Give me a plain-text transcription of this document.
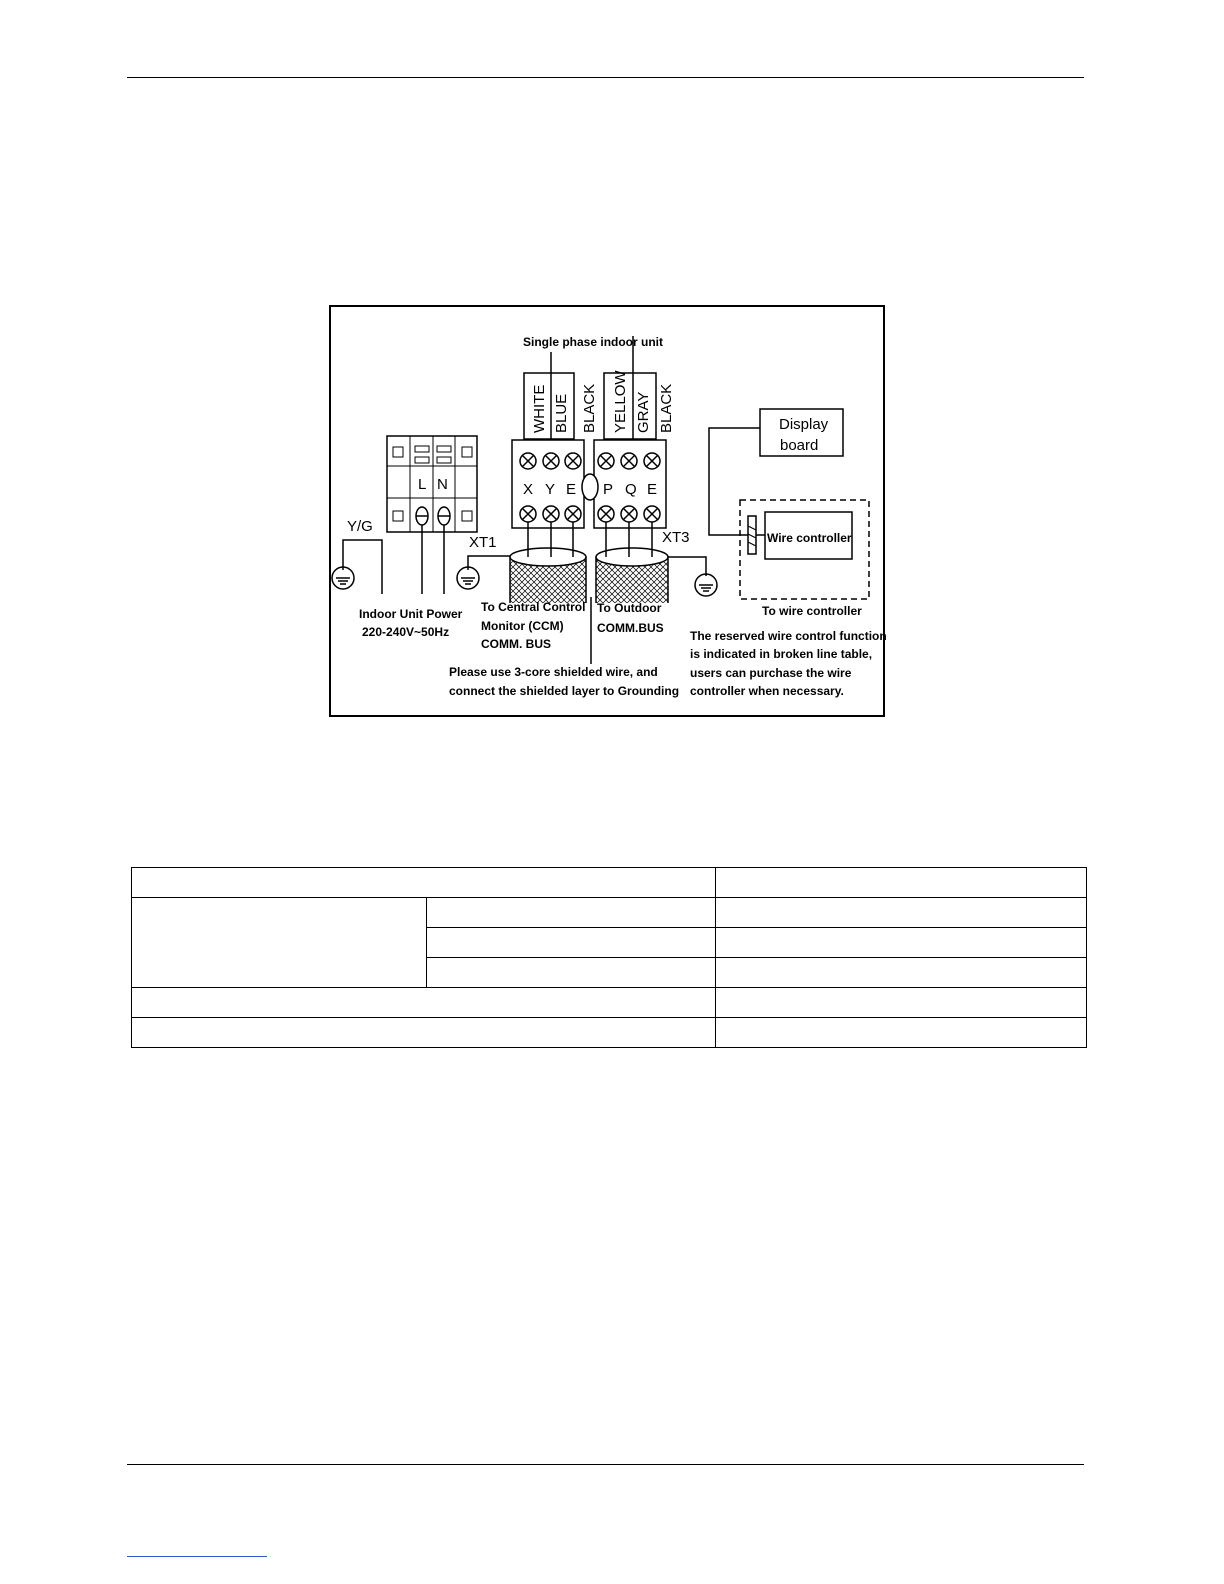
Single phase indoor unit
WHITE BLUE BLACK YELLOW GRAY BLACK	Display
board
L N
Y/G
X Y E P Q E
XT1	XT3	Wire controller
Indoor Unit Power
220-240V~50Hz
To Central Control
Monitor (CCM)
COMM. BUS
To Outdoor
COMM.BUS
To wire controller
The reserved wire control function
is indicated in broken line table,
users can purchase the wire
controller when necessary.
Please use 3-core shielded wire, and
connect the shielded layer to Grounding
